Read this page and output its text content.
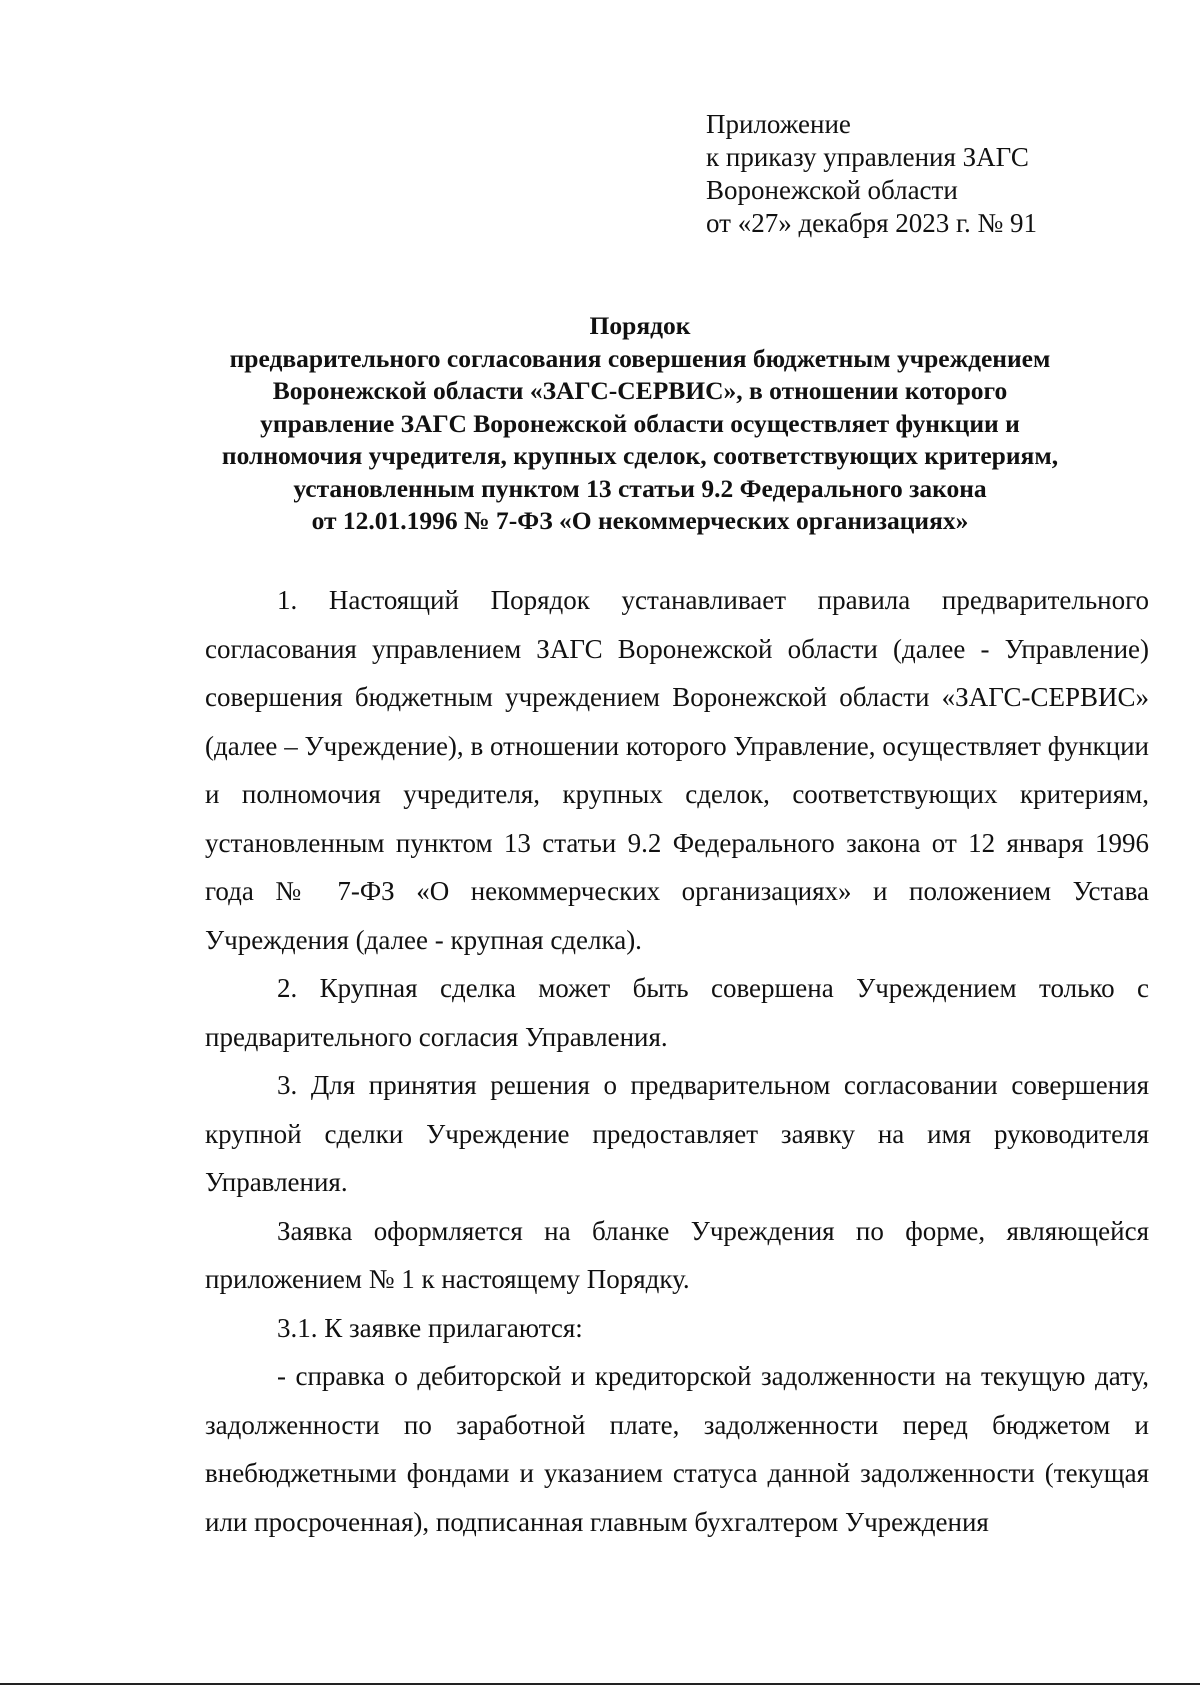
Приложение
к приказу управления ЗАГС
Воронежской области
от «27» декабря 2023 г. № 91
Порядок
предварительного согласования совершения бюджетным учреждением
Воронежской области «ЗАГС-СЕРВИС», в отношении которого
управление ЗАГС Воронежской области осуществляет функции и
полномочия учредителя, крупных сделок, соответствующих критериям,
установленным пунктом 13 статьи 9.2 Федерального закона
от 12.01.1996 № 7-ФЗ «О некоммерческих организациях»

1. Настоящий Порядок устанавливает правила предварительного согласования управлением ЗАГС Воронежской области (далее - Управление) совершения бюджетным учреждением Воронежской области «ЗАГС-СЕРВИС» (далее – Учреждение), в отношении которого Управление, осуществляет функции и полномочия учредителя, крупных сделок, соответствующих критериям, установленным пунктом 13 статьи 9.2 Федерального закона от 12 января 1996 года № 7-ФЗ «О некоммерческих организациях» и положением Устава Учреждения (далее - крупная сделка).

2. Крупная сделка может быть совершена Учреждением только с предварительного согласия Управления.

3. Для принятия решения о предварительном согласовании совершения крупной сделки Учреждение предоставляет заявку на имя руководителя Управления.

Заявка оформляется на бланке Учреждения по форме, являющейся приложением № 1 к настоящему Порядку.

3.1. К заявке прилагаются:

- справка о дебиторской и кредиторской задолженности на текущую дату, задолженности по заработной плате, задолженности перед бюджетом и внебюджетными фондами и указанием статуса данной задолженности (текущая или просроченная), подписанная главным бухгалтером Учреждения
